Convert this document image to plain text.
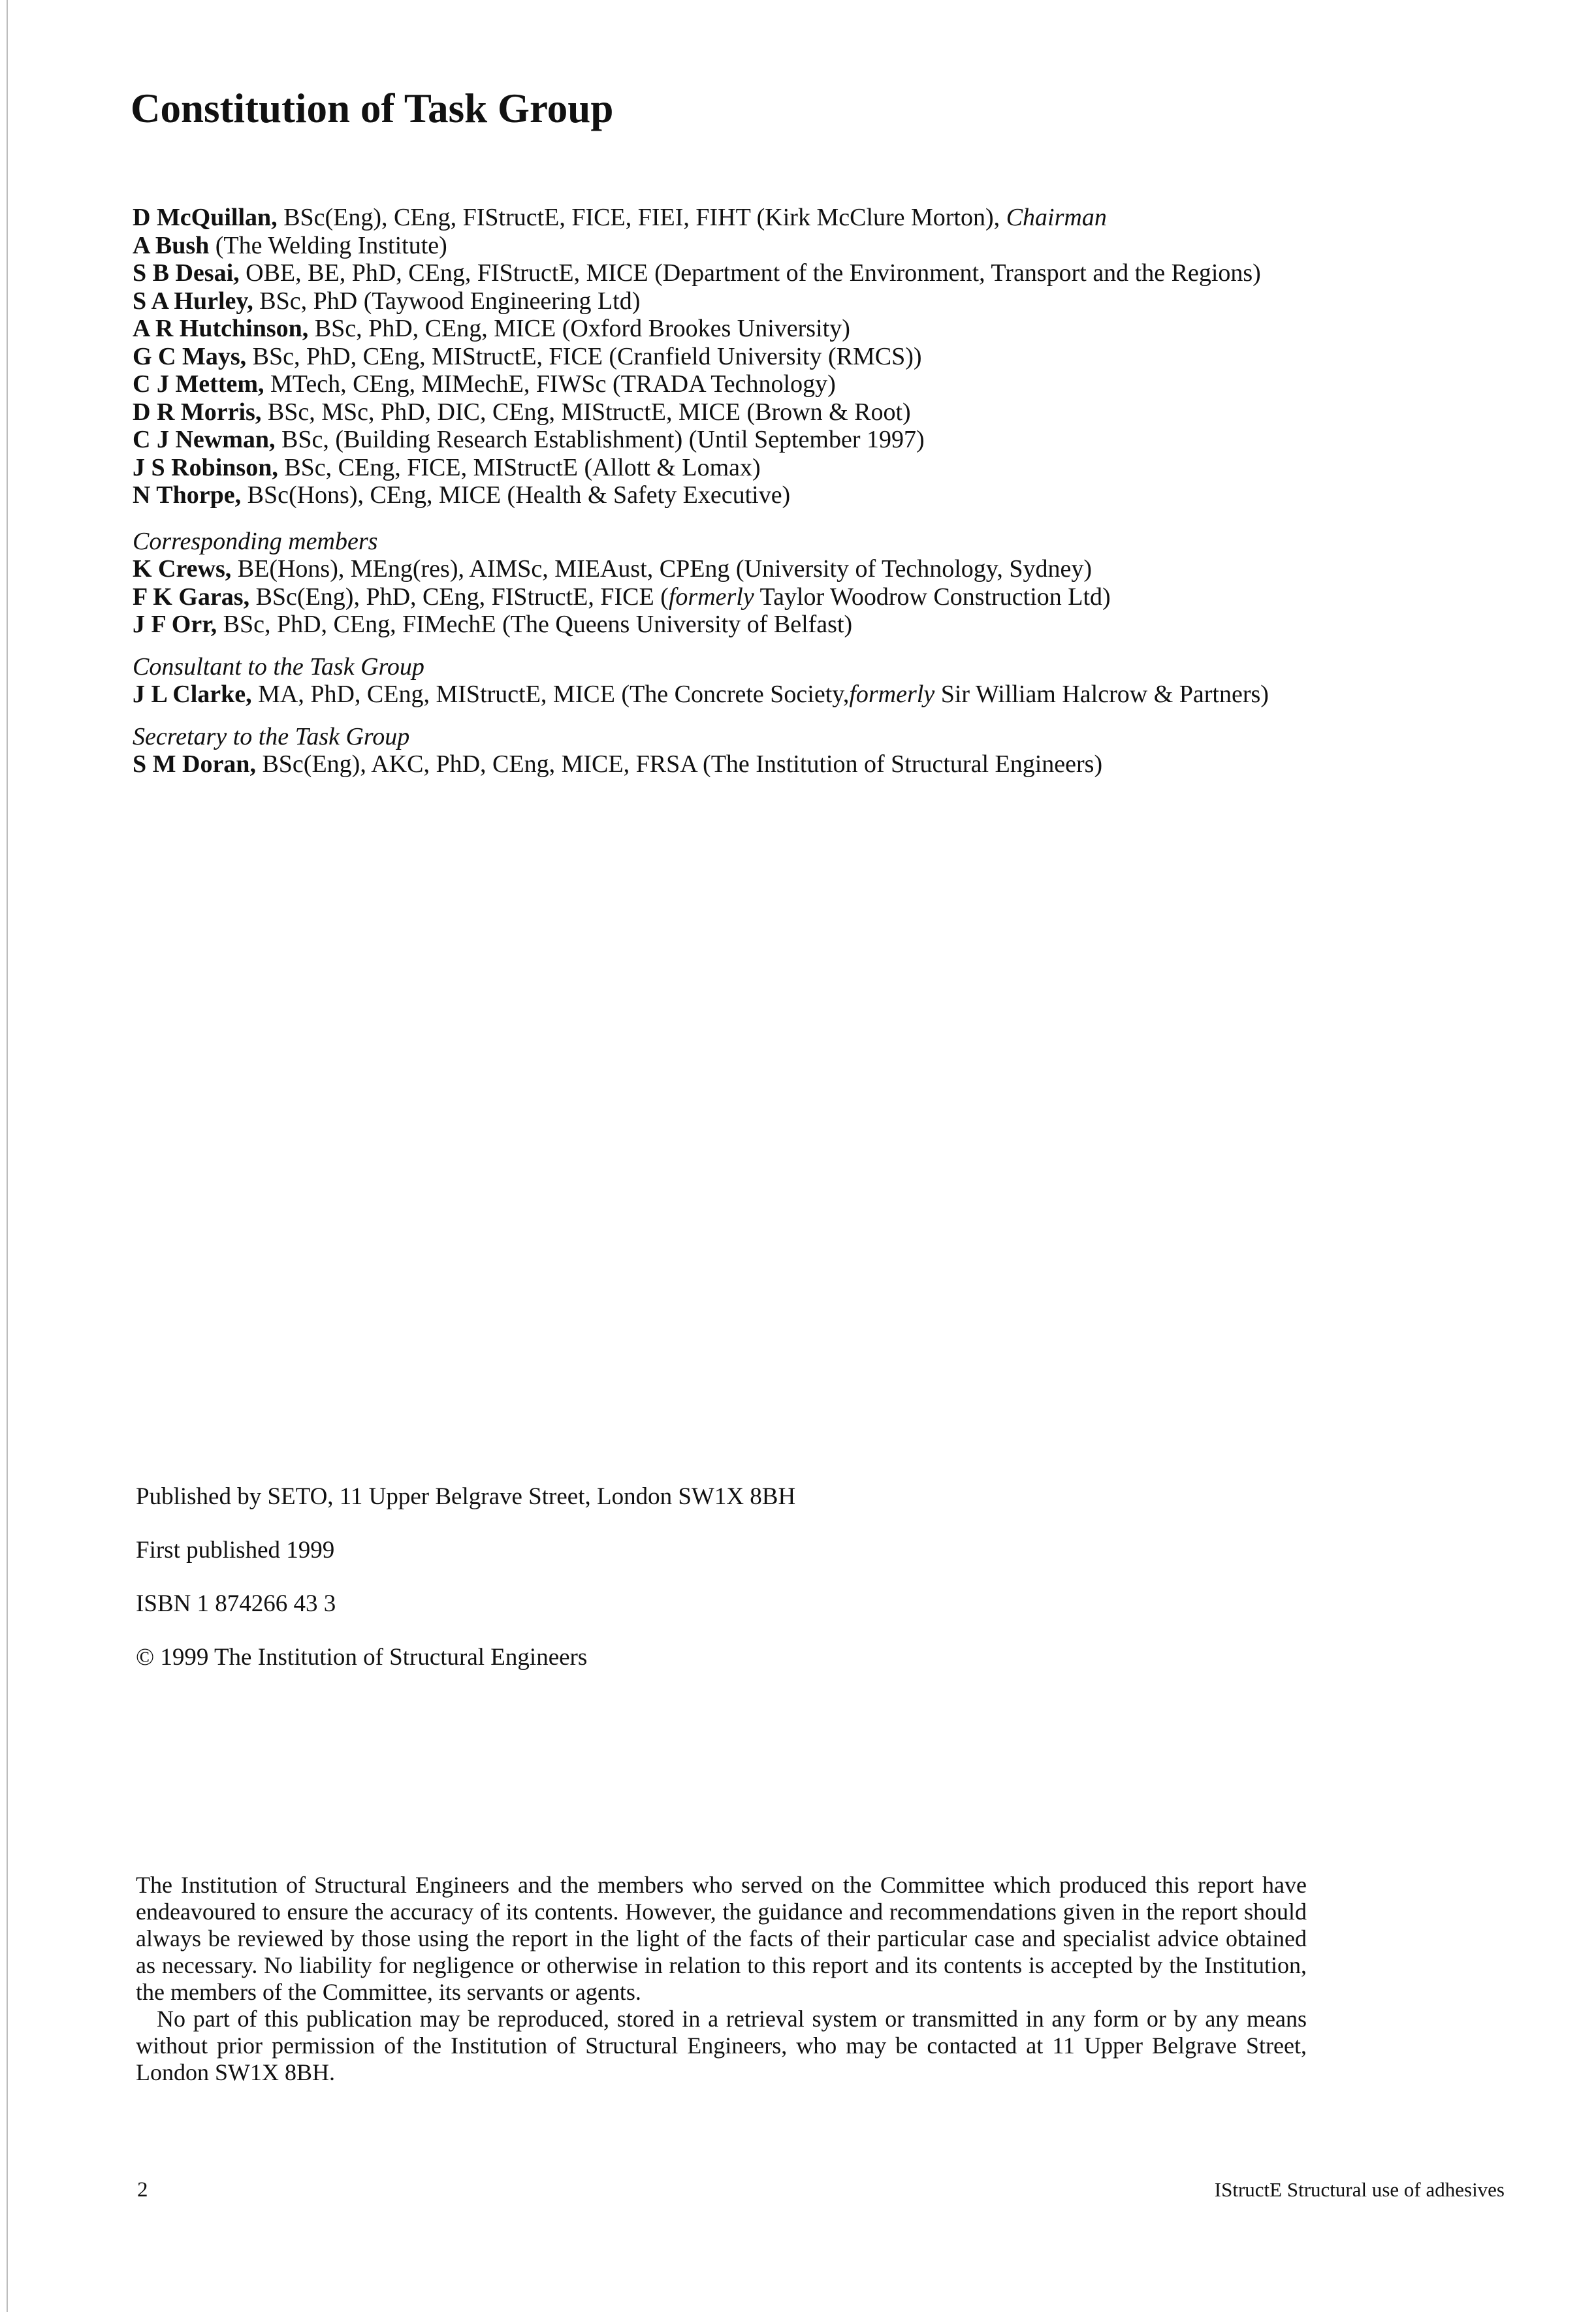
Constitution of Task Group
D McQuillan, BSc(Eng), CEng, FIStructE, FICE, FIEI, FIHT (Kirk McClure Morton), Chairman
A Bush (The Welding Institute)
S B Desai, OBE, BE, PhD, CEng, FIStructE, MICE (Department of the Environment, Transport and the Regions)
S A Hurley, BSc, PhD (Taywood Engineering Ltd)
A R Hutchinson, BSc, PhD, CEng, MICE (Oxford Brookes University)
G C Mays, BSc, PhD, CEng, MIStructE, FICE (Cranfield University (RMCS))
C J Mettem, MTech, CEng, MIMechE, FIWSc (TRADA Technology)
D R Morris, BSc, MSc, PhD, DIC, CEng, MIStructE, MICE (Brown & Root)
C J Newman, BSc, (Building Research Establishment) (Until September 1997)
J S Robinson, BSc, CEng, FICE, MIStructE (Allott & Lomax)
N Thorpe, BSc(Hons), CEng, MICE (Health & Safety Executive)
Corresponding members
K Crews, BE(Hons), MEng(res), AIMSc, MIEAust, CPEng (University of Technology, Sydney)
F K Garas, BSc(Eng), PhD, CEng, FIStructE, FICE (formerly Taylor Woodrow Construction Ltd)
J F Orr, BSc, PhD, CEng, FIMechE (The Queens University of Belfast)
Consultant to the Task Group
J L Clarke, MA, PhD, CEng, MIStructE, MICE (The Concrete Society,formerly Sir William Halcrow & Partners)
Secretary to the Task Group
S M Doran, BSc(Eng), AKC, PhD, CEng, MICE, FRSA (The Institution of Structural Engineers)

Published by SETO, 11 Upper Belgrave Street, London SW1X 8BH

First published 1999

ISBN 1 874266 43 3

© 1999 The Institution of Structural Engineers

The Institution of Structural Engineers and the members who served on the Committee which produced this report have endeavoured to ensure the accuracy of its contents. However, the guidance and recommendations given in the report should always be reviewed by those using the report in the light of the facts of their particular case and specialist advice obtained as necessary. No liability for negligence or otherwise in relation to this report and its contents is accepted by the Institution, the members of the Committee, its servants or agents.

No part of this publication may be reproduced, stored in a retrieval system or transmitted in any form or by any means without prior permission of the Institution of Structural Engineers, who may be contacted at 11 Upper Belgrave Street, London SW1X 8BH.

2	IStructE Structural use of adhesives
